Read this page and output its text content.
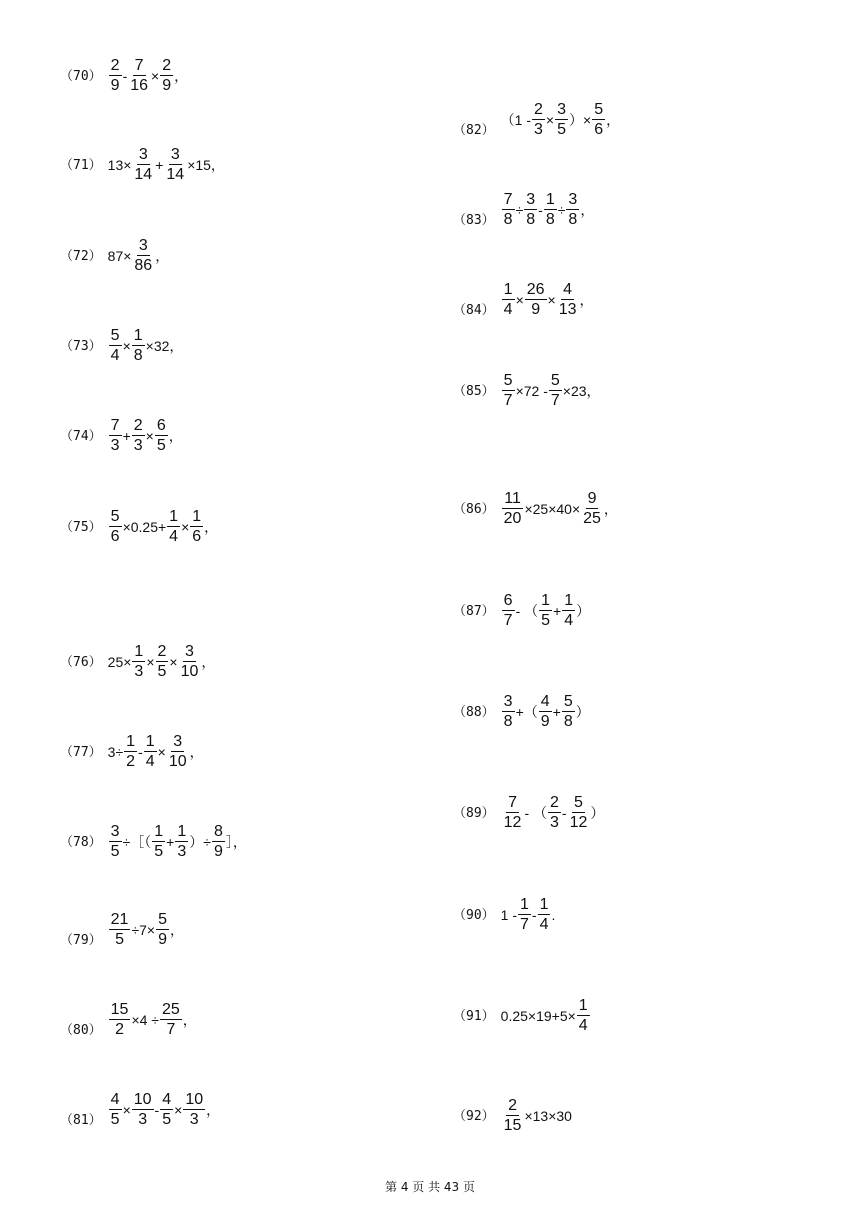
$(70) \frac{2}{9} - \frac{7}{16} \times \frac{2}{9}$ ，
（71） $13\times \frac{3}{14} + \frac{3}{14} \times 15$，
（72） $87\times \frac{3}{86}$ ，
$(73) \frac{5}{4} \times \frac{1}{8} \times 32$，
$(74) \frac{7}{3} + \frac{2}{3} \times \frac{6}{5}$ ，
$(75) \frac{5}{6} \times 0.25+ \frac{1}{4} \times \frac{1}{6}$ ，
（76） $25\times \frac{1}{3} \times \frac{2}{5} \times \frac{3}{10}$ ，
（77） $3\div \frac{1}{2} - \frac{1}{4} \times \frac{3}{10}$ ，
$(78) \frac{3}{5}$ ÷［（ $\frac{1}{5} + \frac{1}{3}$ ）÷ $\frac{8}{9}$ ］，
$(79) \frac{21}{5} \div 7\times \frac{5}{9}$ ，
$(80) \frac{15}{2} \times 4 \div \frac{25}{7}$ ，
$(81) \frac{4}{5} \times \frac{10}{3} - \frac{4}{5} \times \frac{10}{3}$ ，
（82）
（$1 - \frac{2}{3} \times \frac{3}{5}$ ）× $\frac{5}{6}$ ，
$(83) \frac{7}{8} \div \frac{3}{8} - \frac{1}{8} \div \frac{3}{8}$ ，
$(84) \frac{1}{4} \times \frac{26}{9} \times \frac{4}{13}$ ，
$(85) \frac{5}{7} \times 72 - \frac{5}{7} \times 23$，
$(86) \frac{11}{20} \times 25\times 40\times \frac{9}{25}$ ，
$(87) \frac{6}{7}$ - （ $\frac{1}{5} + \frac{1}{4}$ ）
$(88) \frac{3}{8}$ +（ $\frac{4}{9} + \frac{5}{8}$ ）
$(89) \frac{7}{12}$ - （ $\frac{2}{3} - \frac{5}{12}$ ）
（90） $1 - \frac{1}{7} - \frac{1}{4}$ .
（91） $0.25\times 19+5\times \frac{1}{4}$
$(92) \frac{2}{15} \times 13\times 30$
第 4 页 共 43 页
